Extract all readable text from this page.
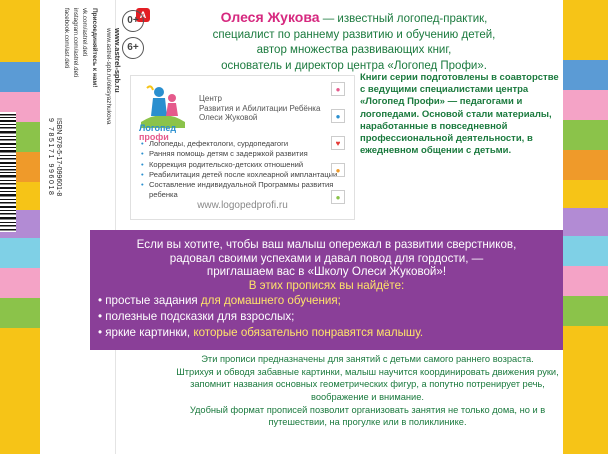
A
www.astrel-spb.ru
www.astrel-spb.ru/olesyazhukova
Присоединяйтесь к нам!
vk.com/astrel.deti
instagram.com/astrel.deti
facebook.com/ast.deti
ISBN 978-5-17-099601-8
9 785171 996018
0+
6+
Олеся Жукова — известный логопед-практик,
специалист по раннему развитию и обучению детей,
автор множества развивающих книг,
основатель и директор центра «Логопед Профи».
Логопед
профи
Центр
Развития и Абилитации Ребёнка
Олеси Жуковой
• Логопеды, дефектологи, сурдопедагоги
• Ранняя помощь детям с задержкой развития
• Коррекция родительско-детских отношений
• Реабилитация детей после кохлеарной имплантации
• Составление индивидуальной Программы развития ребенка
www.logopedprofi.ru
●
●
♥
●
●
Книги серии подготовлены в соавторстве с ведущими специалистами центра «Логопед Профи» — педагогами и логопедами. Основой стали материалы, наработанные в повседневной профессиональной деятельности, в ежедневном общении с детьми.
Если вы хотите, чтобы ваш малыш опережал в развитии сверстников,
радовал своими успехами и давал повод для гордости, —
приглашаем вас в «Школу Олеси Жуковой»!
В этих прописях вы найдёте:
• простые задания для домашнего обучения;
• полезные подсказки для взрослых;
• яркие картинки, которые обязательно понравятся малышу.

Эти прописи предназначены для занятий с детьми самого раннего возраста.

Штрихуя и обводя забавные картинки, малыш научится координировать движения руки, запомнит названия основных геометрических фигур, а попутно потренирует речь, воображение и внимание.

Удобный формат прописей позволит организовать занятия не только дома, но и в путешествии, на прогулке или в поликлинике.
